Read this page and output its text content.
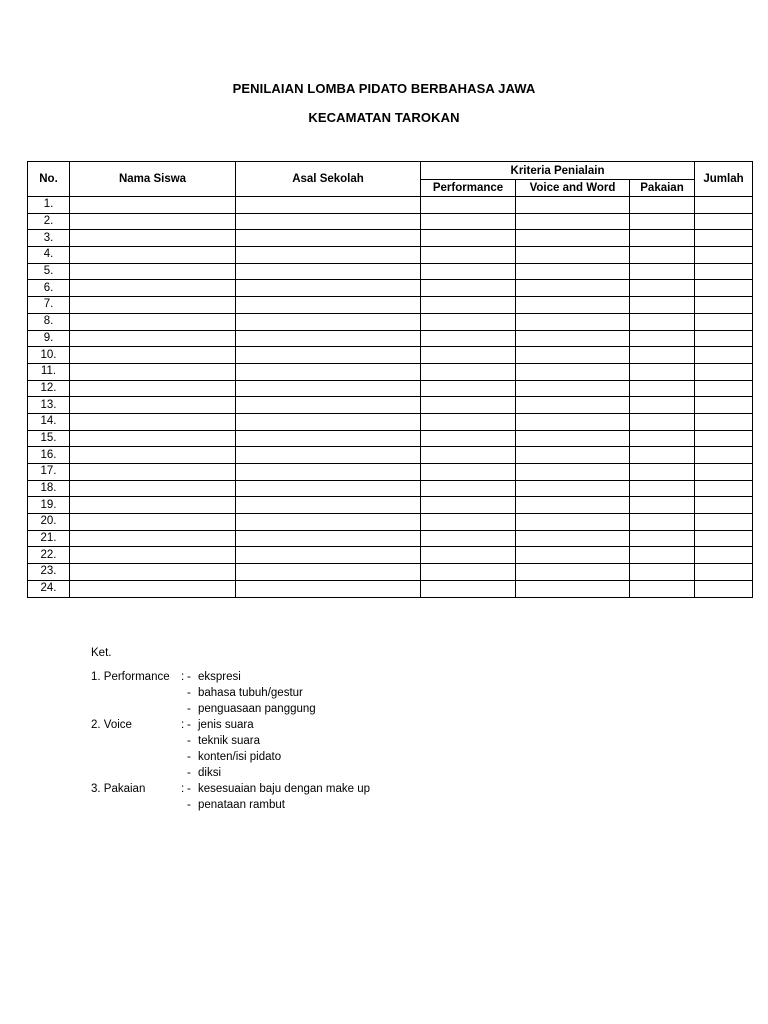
PENILAIAN LOMBA PIDATO BERBAHASA JAWA
KECAMATAN TAROKAN
No.	Nama Siswa	Asal Sekolah	Kriteria Penialain			Jumlah
			Performance	Voice and Word	Pakaian	
1.						
2.						
3.						
4.						
5.						
6.						
7.						
8.						
9.						
10.						
11.						
12.						
13.						
14.						
15.						
16.						
17.						
18.						
19.						
20.						
21.						
22.						
23.						
24.						
Ket.
1. Performance : - ekspresi
- bahasa tubuh/gestur
- penguasaan panggung
2. Voice	: - jenis suara
- teknik suara
- konten/isi pidato
- diksi
3. Pakaian	: - kesesuaian baju dengan make up
- penataan rambut
